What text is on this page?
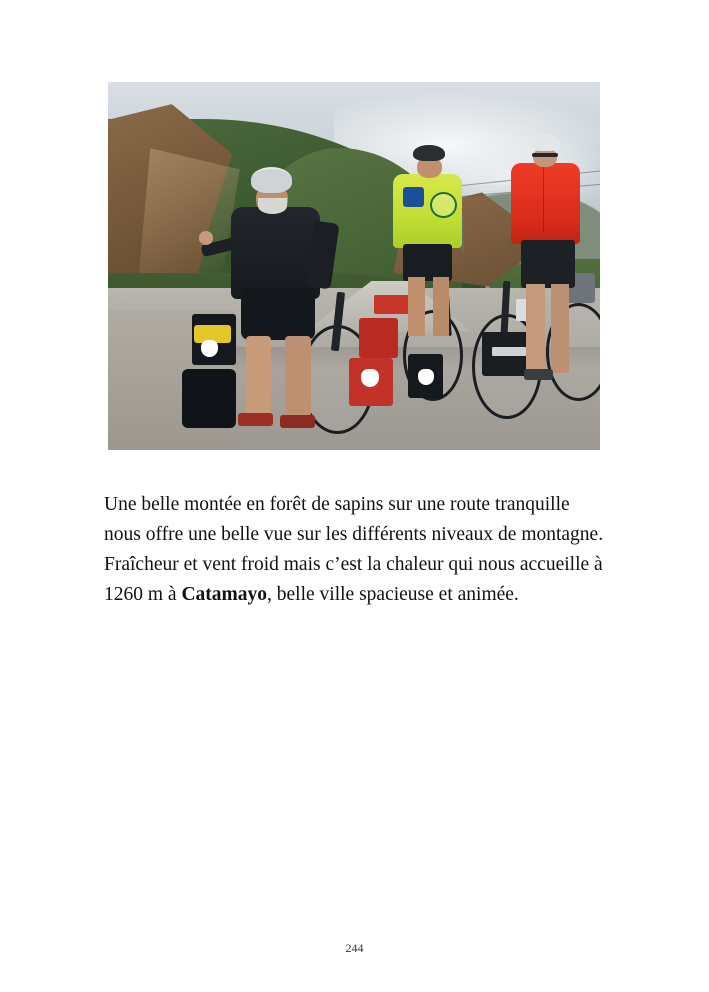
Une belle montée en forêt de sapins sur une route tranquille nous offre une belle vue sur les différents niveaux de montagne. Fraîcheur et vent froid mais c’est la chaleur qui nous accueille à 1260 m à Catamayo, belle ville spacieuse et animée.

244
